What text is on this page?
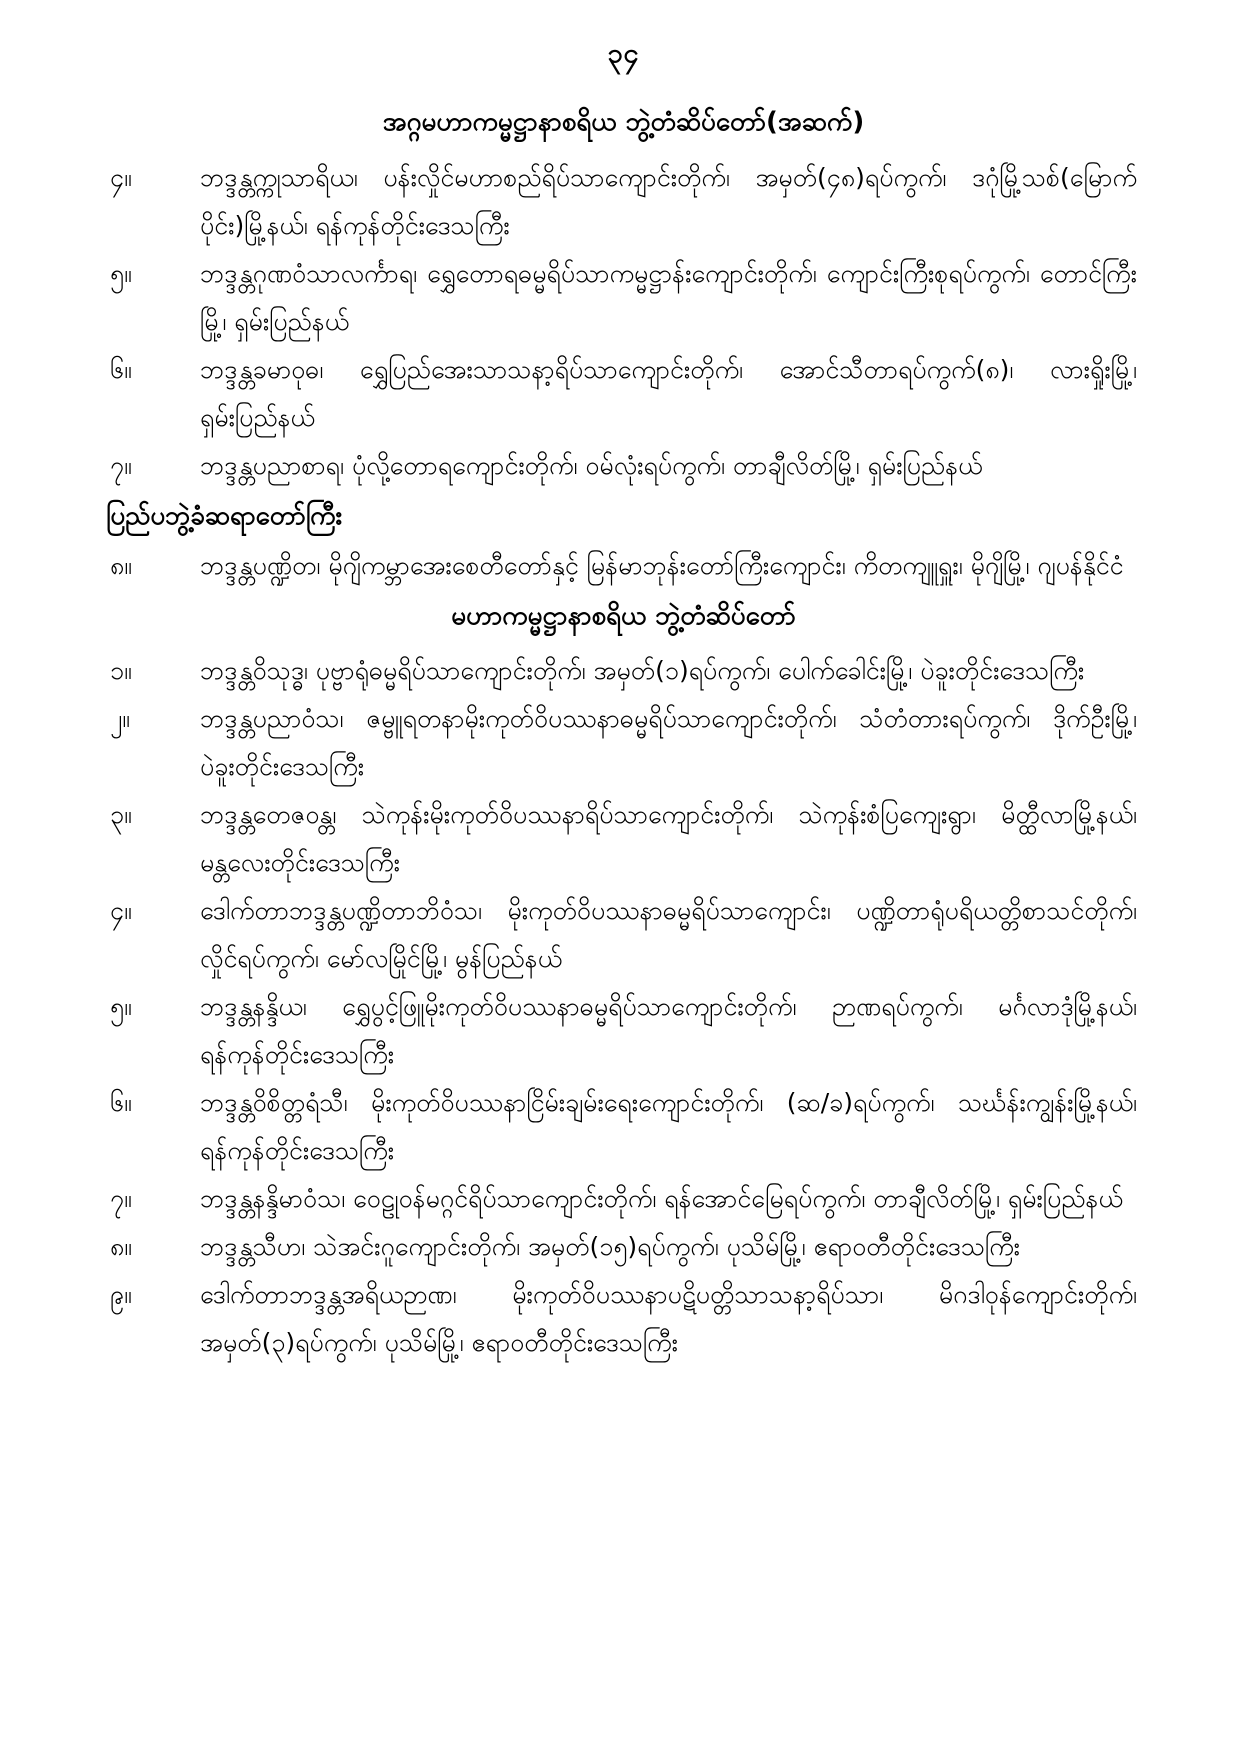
၃၄
အဂ္ဂမဟာကမ္မဋ္ဌာနာစရိယ ဘွဲ့တံဆိပ်တော်(အဆက်)
၄။	ဘဒ္ဒန္တက္ကုသာရိယ၊ ပန်းလှိုင်မဟာစည်ရိပ်သာကျောင်းတိုက်၊ အမှတ်(၄၈)ရပ်ကွက်၊ ဒဂုံမြို့သစ်(မြောက်ပိုင်း)မြို့နယ်၊ ရန်ကုန်တိုင်းဒေသကြီး
၅။	ဘဒ္ဒန္တဂုဏဝံသာလင်္ကာရ၊ ရွှေတောရဓမ္မရိပ်သာကမ္မဋ္ဌာန်းကျောင်းတိုက်၊ ကျောင်းကြီးစုရပ်ကွက်၊ တောင်ကြီးမြို့၊ ရှမ်းပြည်နယ်
၆။	ဘဒ္ဒန္တခမာဝုဓ၊ ရွှေပြည်အေးသာသနာ့ရိပ်သာကျောင်းတိုက်၊ အောင်သီတာရပ်ကွက်(၈)၊ လားရှိုးမြို့၊ ရှမ်းပြည်နယ်
၇။	ဘဒ္ဒန္တပညာစာရ၊ ပုံလို့တောရကျောင်းတိုက်၊ ဝမ်လုံးရပ်ကွက်၊ တာချီလိတ်မြို့၊ ရှမ်းပြည်နယ်
ပြည်ပဘွဲ့ခံဆရာတော်ကြီး
၈။	ဘဒ္ဒန္တပဏ္ဍိတ၊ မိုဂျိကမ္ဘာအေးစေတီတော်နှင့် မြန်မာဘုန်းတော်ကြီးကျောင်း၊ ကိတကျူရှူး၊ မိုဂျိမြို့၊ ဂျပန်နိုင်ငံ
မဟာကမ္မဋ္ဌာနာစရိယ ဘွဲ့တံဆိပ်တော်
၁။	ဘဒ္ဒန္တဝိသုဒ္ဓ၊ ပုဗ္ဗာရုံဓမ္မရိပ်သာကျောင်းတိုက်၊ အမှတ်(၁)ရပ်ကွက်၊ ပေါက်ခေါင်းမြို့၊ ပဲခူးတိုင်းဒေသကြီး
၂။	ဘဒ္ဒန္တပညာဝံသ၊ ဇမ္ဗူရတနာမိုးကုတ်ဝိပဿနာဓမ္မရိပ်သာကျောင်းတိုက်၊ သံတံတားရပ်ကွက်၊ ဒိုက်ဦးမြို့၊ ပဲခူးတိုင်းဒေသကြီး
၃။	ဘဒ္ဒန္တတေဇဝန္တ၊ သဲကုန်းမိုးကုတ်ဝိပဿနာရိပ်သာကျောင်းတိုက်၊ သဲကုန်းစံပြကျေးရွာ၊ မိတ္ထီလာမြို့နယ်၊ မန္တလေးတိုင်းဒေသကြီး
၄။	ဒေါက်တာဘဒ္ဒန္တပဏ္ဍိတာဘိဝံသ၊ မိုးကုတ်ဝိပဿနာဓမ္မရိပ်သာကျောင်း၊ ပဏ္ဍိတာရုံပရိယတ္တိစာသင်တိုက်၊ လှိုင်ရပ်ကွက်၊ မော်လမြိုင်မြို့၊ မွန်ပြည်နယ်
၅။	ဘဒ္ဒန္တနန္ဒိယ၊ ရွှေပွင့်ဖြူမိုးကုတ်ဝိပဿနာဓမ္မရိပ်သာကျောင်းတိုက်၊ ဉာဏရပ်ကွက်၊ မင်္ဂလာဒုံမြို့နယ်၊ ရန်ကုန်တိုင်းဒေသကြီး
၆။	ဘဒ္ဒန္တဝိစိတ္တရံသီ၊ မိုးကုတ်ဝိပဿနာငြိမ်းချမ်းရေးကျောင်းတိုက်၊ (ဆ/ခ)ရပ်ကွက်၊ သင်္ဃန်းကျွန်းမြို့နယ်၊ ရန်ကုန်တိုင်းဒေသကြီး
၇။	ဘဒ္ဒန္တနန္ဒိမာဝံသ၊ ဝေဠုဝန်မဂ္ဂင်ရိပ်သာကျောင်းတိုက်၊ ရန်အောင်မြေရပ်ကွက်၊ တာချီလိတ်မြို့၊ ရှမ်းပြည်နယ်
၈။	ဘဒ္ဒန္တသီဟ၊ သဲအင်းဂူကျောင်းတိုက်၊ အမှတ်(၁၅)ရပ်ကွက်၊ ပုသိမ်မြို့၊ ဧရာဝတီတိုင်းဒေသကြီး
၉။	ဒေါက်တာဘဒ္ဒန္တအရိယဉာဏ၊ မိုးကုတ်ဝိပဿနာပဋိပတ္တိသာသနာ့ရိပ်သာ၊ မိဂဒါဝုန်ကျောင်းတိုက်၊ အမှတ်(၃)ရပ်ကွက်၊ ပုသိမ်မြို့၊ ဧရာဝတီတိုင်းဒေသကြီး
